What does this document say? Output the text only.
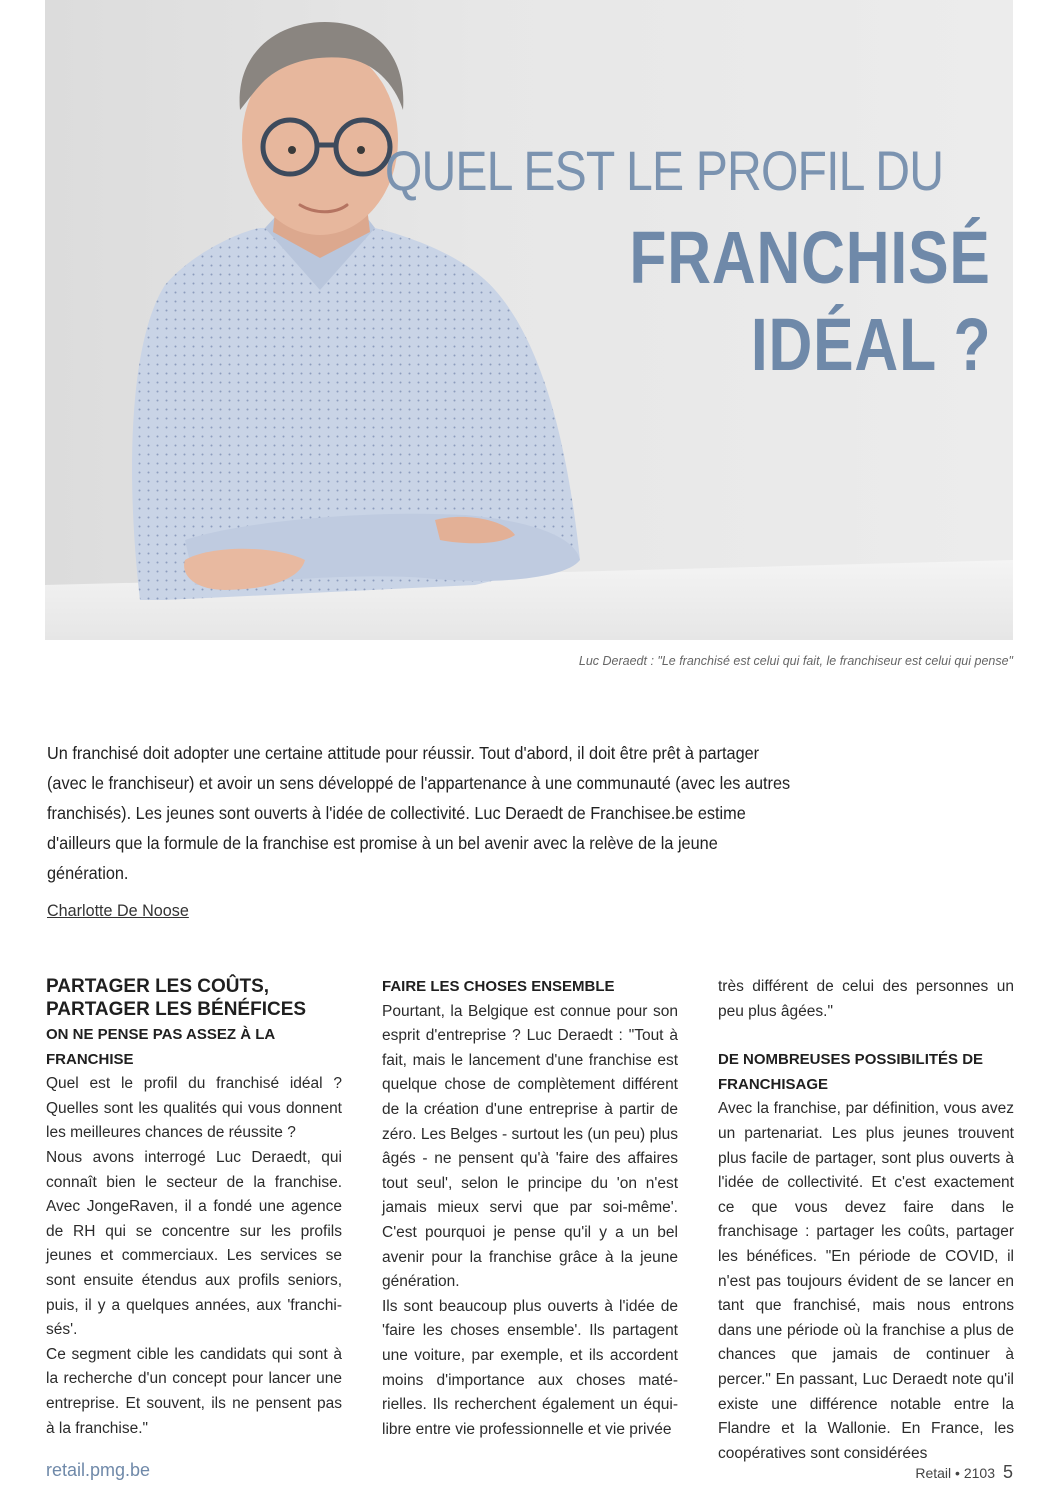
QUEL EST LE PROFIL DU
FRANCHISÉ
IDÉAL ?
Luc Deraedt : "Le franchisé est celui qui fait, le franchiseur est celui qui pense"

Un franchisé doit adopter une certaine attitude pour réussir. Tout d'abord, il doit être prêt à partager (avec le franchiseur) et avoir un sens développé de l'appartenance à une communauté (avec les autres franchisés). Les jeunes sont ouverts à l'idée de collectivité. Luc Deraedt de Franchisee.be estime d'ailleurs que la formule de la franchise est promise à un bel avenir avec la relève de la jeune génération.

Charlotte De Noose
PARTAGER LES COÛTS, PARTAGER LES BÉNÉFICES
ON NE PENSE PAS ASSEZ À LA FRANCHISE

Quel est le profil du franchisé idéal ? Quelles sont les qualités qui vous donnent les meilleures chances de réussite ?

Nous avons interrogé Luc Deraedt, qui connaît bien le secteur de la franchise. Avec JongeRaven, il a fondé une agence de RH qui se concentre sur les profils jeunes et commerciaux. Les services se sont ensuite étendus aux profils seniors, puis, il y a quelques années, aux 'franchisés'.

Ce segment cible les candidats qui sont à la recherche d'un concept pour lancer une entreprise. Et souvent, ils ne pensent pas à la franchise."

FAIRE LES CHOSES ENSEMBLE

Pourtant, la Belgique est connue pour son esprit d'entreprise ? Luc Deraedt : "Tout à fait, mais le lancement d'une franchise est quelque chose de complètement différent de la création d'une entreprise à partir de zéro. Les Belges - surtout les (un peu) plus âgés - ne pensent qu'à 'faire des affaires tout seul', selon le principe du 'on n'est jamais mieux servi que par soi-même'. C'est pourquoi je pense qu'il y a un bel avenir pour la franchise grâce à la jeune génération.

Ils sont beaucoup plus ouverts à l'idée de 'faire les choses ensemble'. Ils partagent une voiture, par exemple, et ils accordent moins d'importance aux choses matérielles. Ils recherchent également un équilibre entre vie professionnelle et vie privée

très différent de celui des personnes un peu plus âgées."

DE NOMBREUSES POSSIBILITÉS DE FRANCHISAGE

Avec la franchise, par définition, vous avez un partenariat. Les plus jeunes trouvent plus facile de partager, sont plus ouverts à l'idée de collectivité. Et c'est exactement ce que vous devez faire dans le franchisage : partager les coûts, partager les bénéfices. "En période de COVID, il n'est pas toujours évident de se lancer en tant que franchisé, mais nous entrons dans une période où la franchise a plus de chances que jamais de continuer à percer." En passant, Luc Deraedt note qu'il existe une différence notable entre la Flandre et la Wallonie. En France, les coopératives sont considérées

retail.pmg.be	Retail • 2103 5
